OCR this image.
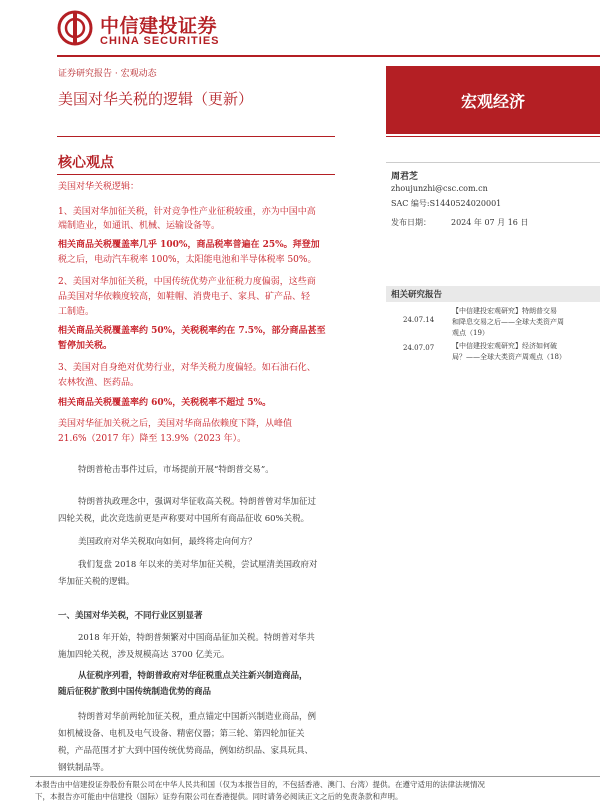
中信建投证券
CHINA SECURITIES
证券研究报告 · 宏观动态
美国对华关税的逻辑（更新）	宏观经济
核心观点
美国对华关税逻辑：
1、美国对华加征关税，针对竞争性产业征税较重，亦为中国中高
端制造业，如通讯、机械、运输设备等。
相关商品关税覆盖率几乎 100%，商品税率普遍在 25%。拜登加
税之后，电动汽车税率 100%，太阳能电池和半导体税率 50%。
2、美国对华加征关税，中国传统优势产业征税力度偏弱，这些商
品美国对华依赖度较高，如鞋帽、消费电子、家具、矿产品、轻
工制造。
相关商品关税覆盖率约 50%，关税税率约在 7.5%，部分商品甚至
暂停加关税。
3、美国对自身绝对优势行业，对华关税力度偏轻。如石油石化、
农林牧渔、医药品。
相关商品关税覆盖率约 60%，关税税率不超过 5%。
美国对华征加关税之后，美国对华商品依赖度下降，从峰值
21.6%（2017 年）降至 13.9%（2023 年）。
特朗普枪击事件过后，市场提前开展“特朗普交易”。
特朗普执政理念中，强调对华征收高关税。特朗普曾对华加征过
四轮关税，此次竞选前更是声称要对中国所有商品征收 60%关税。
美国政府对华关税取向如何，最终将走向何方？
我们复盘 2018 年以来的美对华加征关税，尝试厘清美国政府对
华加征关税的逻辑。
一、美国对华关税，不同行业区别显著
2018 年开始，特朗普频繁对中国商品征加关税。特朗普对华共
施加四轮关税，涉及规模高达 3700 亿美元。
从征税序列看，特朗普政府对华征税重点关注新兴制造商品，
随后征税扩散到中国传统制造优势的商品
特朗普对华前两轮加征关税，重点锚定中国新兴制造业商品，例
如机械设备、电机及电气设备、精密仪器；第三轮、第四轮加征关
税，产品范围才扩大到中国传统优势商品，例如纺织品、家具玩具、
钢铁制品等。
周君芝
zhoujunzhi@csc.com.cn
SAC 编号:S1440524020001
发布日期：	2024 年 07 月 16 日
相关研究报告
24.07.14
【中信建投宏观研究】特朗普交易
和降息交易之后——全球大类资产周
观点（19）
24.07.07	【中信建投宏观研究】经济如何破
局？——全球大类资产周观点（18）
本报告由中信建投证券股份有限公司在中华人民共和国（仅为本报告目的，不包括香港、澳门、台湾）提供。在遵守适用的法律法规情况
下，本报告亦可能由中信建投（国际）证券有限公司在香港提供。同时请务必阅读正文之后的免责条款和声明。
